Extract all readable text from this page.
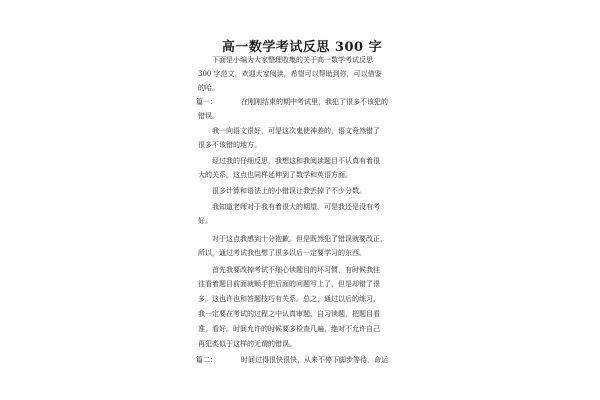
高一数学考试反思 300 字
下面是小编为大家整理收集的关于高一数学考试反思
300 字范文，欢迎大家阅读，希望可以帮助到你，可以借鉴
的哈。
篇一：	在刚刚结束的期中考试里，我犯了很多不该犯的
错误。
我一向语文很好，可是这次鬼使神差的，语文竟然错了
很多不该错的地方。
经过我的仔细反思，我想这和我阅读题目不认真有着很
大的关系。这点也同样延伸到了数学和英语方面。
很多计算和语法上的小错误让我丢掉了不少分数。
我知道老师对于我有着很大的期望，可是我还是没有考
好。
对于这点我感到十分抱歉。但是既然犯了错误就要改正，
所以，通过考试我也想了很多以后一定要学习的东西。
首先我要改掉考试不细心读题目的坏习惯，有时候我往
往看着题目前面就顺手把后面的问题写上了，但是却错了很
多。这也许也和答题技巧有关系。总之，通过以后的练习，
我一定要在考试的过程之中认真审题，自习读题，把题目看
准，看好。时间允许的时候要多检查几遍，绝对不允许自己
再犯类似于这样的无谓的错误。
篇二：	时间过得很快很快，从来不停下脚步等待，命运
